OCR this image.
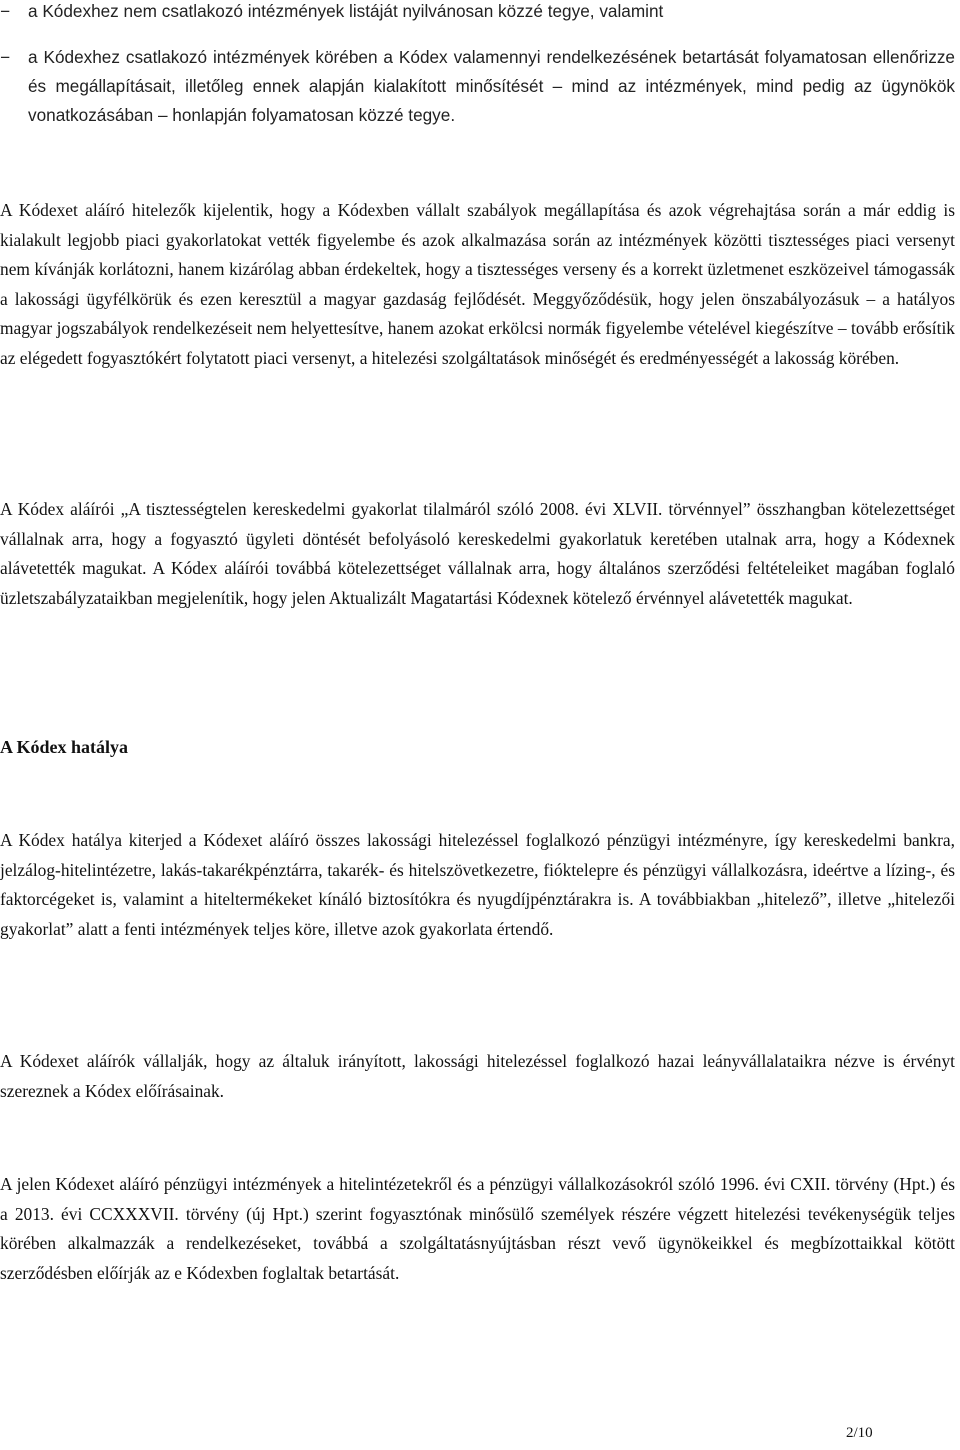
− a Kódexhez nem csatlakozó intézmények listáját nyilvánosan közzé tegye, valamint
− a Kódexhez csatlakozó intézmények körében a Kódex valamennyi rendelkezésének betartását folyamatosan ellenőrizze és megállapításait, illetőleg ennek alapján kialakított minősítését – mind az intézmények, mind pedig az ügynökök vonatkozásában – honlapján folyamatosan közzé tegye.

A Kódexet aláíró hitelezők kijelentik, hogy a Kódexben vállalt szabályok megállapítása és azok végrehajtása során a már eddig is kialakult legjobb piaci gyakorlatokat vették figyelembe és azok alkalmazása során az intézmények közötti tisztességes piaci versenyt nem kívánják korlátozni, hanem kizárólag abban érdekeltek, hogy a tisztességes verseny és a korrekt üzletmenet eszközeivel támogassák a lakossági ügyfélkörük és ezen keresztül a magyar gazdaság fejlődését. Meggyőződésük, hogy jelen önszabályozásuk – a hatályos magyar jogszabályok rendelkezéseit nem helyettesítve, hanem azokat erkölcsi normák figyelembe vételével kiegészítve – tovább erősítik az elégedett fogyasztókért folytatott piaci versenyt, a hitelezési szolgáltatások minőségét és eredményességét a lakosság körében.

A Kódex aláírói „A tisztességtelen kereskedelmi gyakorlat tilalmáról szóló 2008. évi XLVII. törvénnyel” összhangban kötelezettséget vállalnak arra, hogy a fogyasztó ügyleti döntését befolyásoló kereskedelmi gyakorlatuk keretében utalnak arra, hogy a Kódexnek alávetették magukat. A Kódex aláírói továbbá kötelezettséget vállalnak arra, hogy általános szerződési feltételeiket magában foglaló üzletszabályzataikban megjelenítik, hogy jelen Aktualizált Magatartási Kódexnek kötelező érvénnyel alávetették magukat.

A Kódex hatálya

A Kódex hatálya kiterjed a Kódexet aláíró összes lakossági hitelezéssel foglalkozó pénzügyi intézményre, így kereskedelmi bankra, jelzálog-hitelintézetre, lakás-takarékpénztárra, takarék- és hitelszövetkezetre, fióktelepre és pénzügyi vállalkozásra, ideértve a lízing-, és faktorcégeket is, valamint a hiteltermékeket kínáló biztosítókra és nyugdíjpénztárakra is. A továbbiakban „hitelező”, illetve „hitelezői gyakorlat” alatt a fenti intézmények teljes köre, illetve azok gyakorlata értendő.

A Kódexet aláírók vállalják, hogy az általuk irányított, lakossági hitelezéssel foglalkozó hazai leányvállalataikra nézve is érvényt szereznek a Kódex előírásainak.

A jelen Kódexet aláíró pénzügyi intézmények a hitelintézetekről és a pénzügyi vállalkozásokról szóló 1996. évi CXII. törvény (Hpt.) és a 2013. évi CCXXXVII. törvény (új Hpt.) szerint fogyasztónak minősülő személyek részére végzett hitelezési tevékenységük teljes körében alkalmazzák a rendelkezéseket, továbbá a szolgáltatásnyújtásban részt vevő ügynökeikkel és megbízottaikkal kötött szerződésben előírják az e Kódexben foglaltak betartását.

2/10
